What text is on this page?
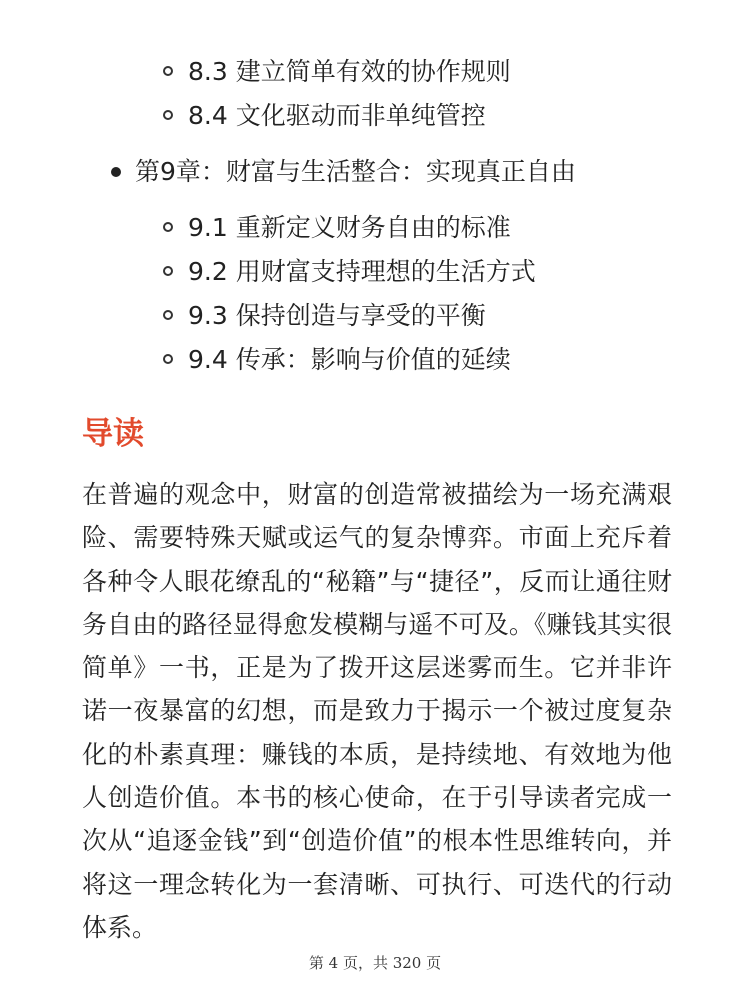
8.3 建立简单有效的协作规则
8.4 文化驱动而非单纯管控
第9章：财富与生活整合：实现真正自由
9.1 重新定义财务自由的标准
9.2 用财富支持理想的生活方式
9.3 保持创造与享受的平衡
9.4 传承：影响与价值的延续
导读

在普遍的观念中，财富的创造常被描绘为一场充满艰险、需要特殊天赋或运气的复杂博弈。市面上充斥着各种令人眼花缭乱的“秘籍”与“捷径”，反而让通往财务自由的路径显得愈发模糊与遥不可及。《赚钱其实很简单》一书，正是为了拨开这层迷雾而生。它并非许诺一夜暴富的幻想，而是致力于揭示一个被过度复杂化的朴素真理：赚钱的本质，是持续地、有效地为他人创造价值。本书的核心使命，在于引导读者完成一次从“追逐金钱”到“创造价值”的根本性思维转向，并将这一理念转化为一套清晰、可执行、可迭代的行动体系。

第 4 页，共 320 页
